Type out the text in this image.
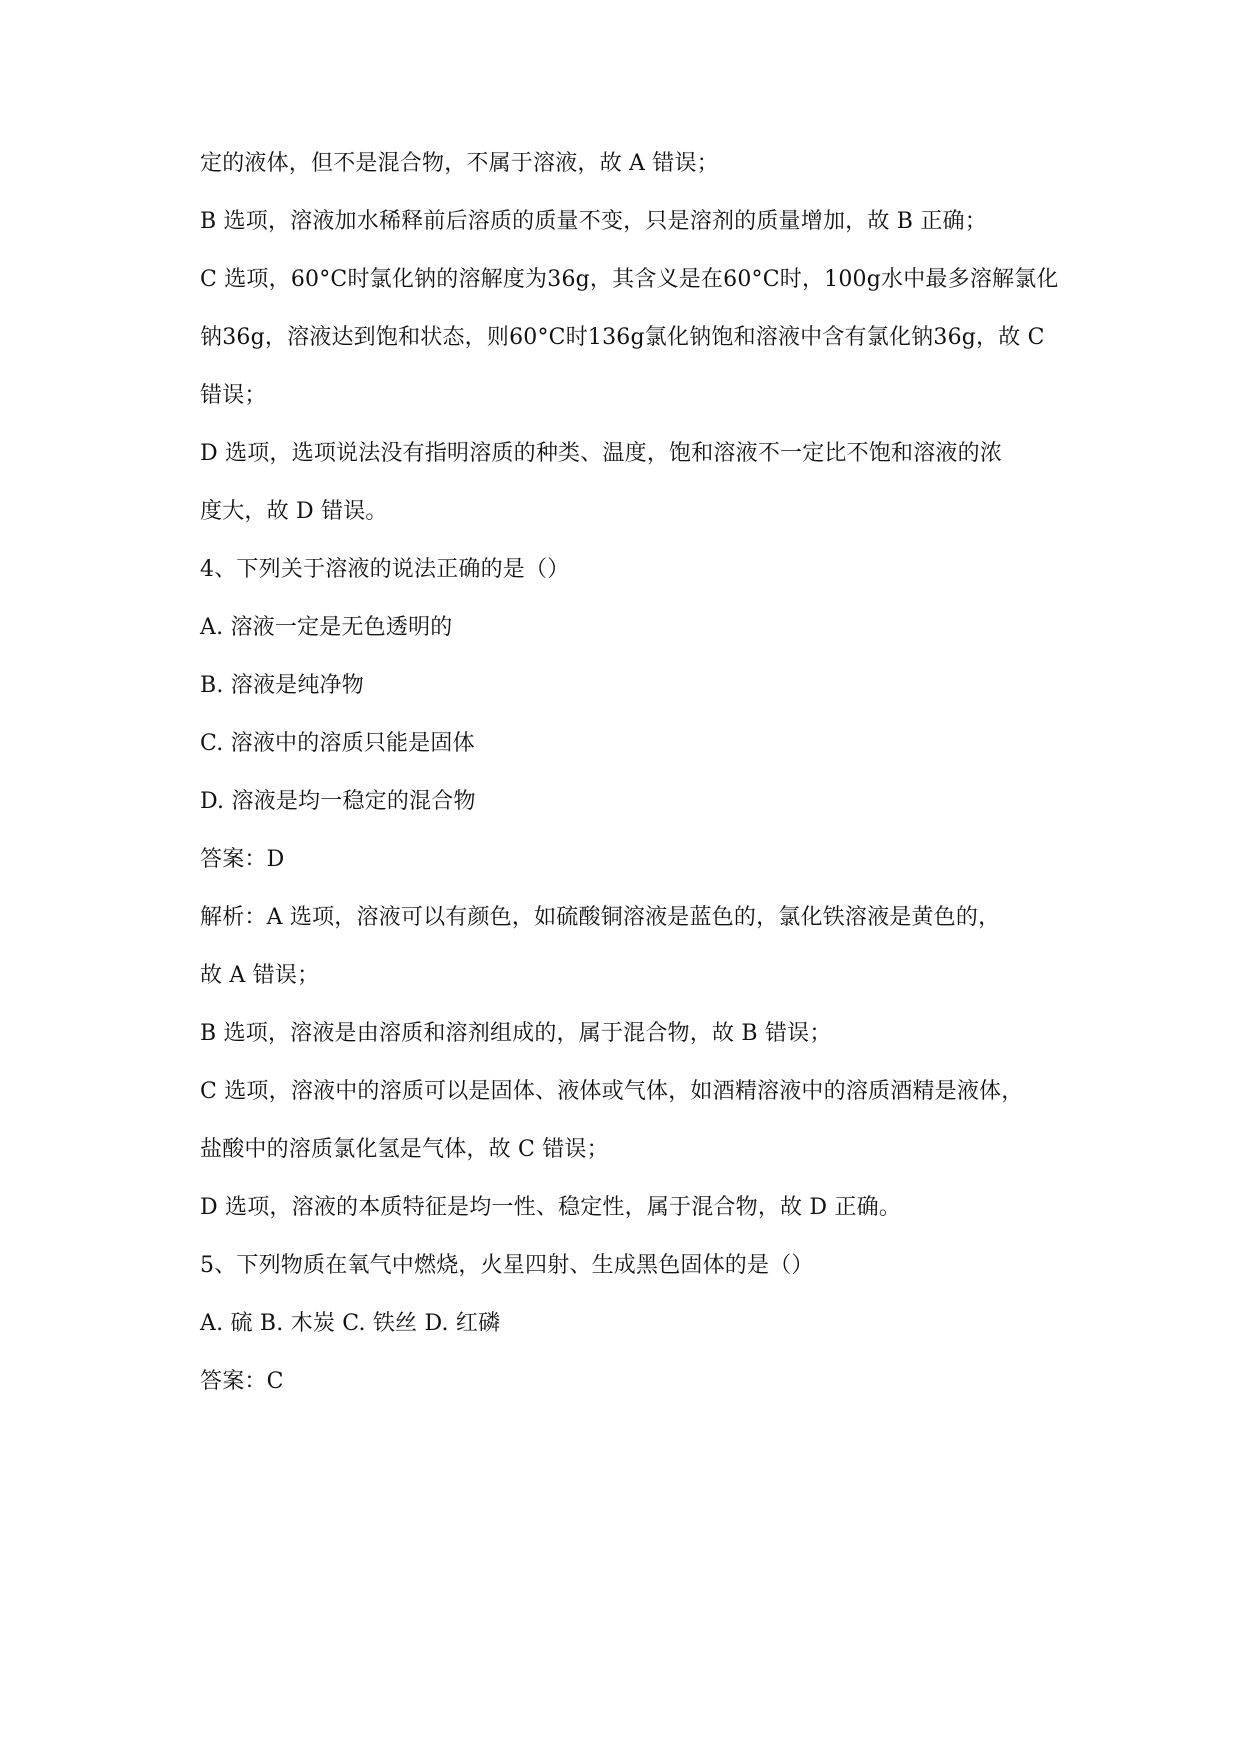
定的液体，但不是混合物，不属于溶液，故 A 错误；

B 选项，溶液加水稀释前后溶质的质量不变，只是溶剂的质量增加，故 B 正确；

C 选项，60°C时氯化钠的溶解度为36g，其含义是在60°C时，100g水中最多溶解氯化

钠36g，溶液达到饱和状态，则60°C时136g氯化钠饱和溶液中含有氯化钠36g，故 C

错误；

D 选项，选项说法没有指明溶质的种类、温度，饱和溶液不一定比不饱和溶液的浓

度大，故 D 错误。

4、下列关于溶液的说法正确的是（）

A. 溶液一定是无色透明的

B. 溶液是纯净物

C. 溶液中的溶质只能是固体

D. 溶液是均一稳定的混合物

答案：D

解析：A 选项，溶液可以有颜色，如硫酸铜溶液是蓝色的，氯化铁溶液是黄色的，

故 A 错误；

B 选项，溶液是由溶质和溶剂组成的，属于混合物，故 B 错误；

C 选项，溶液中的溶质可以是固体、液体或气体，如酒精溶液中的溶质酒精是液体，

盐酸中的溶质氯化氢是气体，故 C 错误；

D 选项，溶液的本质特征是均一性、稳定性，属于混合物，故 D 正确。

5、下列物质在氧气中燃烧，火星四射、生成黑色固体的是（）

A. 硫 B. 木炭 C. 铁丝 D. 红磷

答案：C
